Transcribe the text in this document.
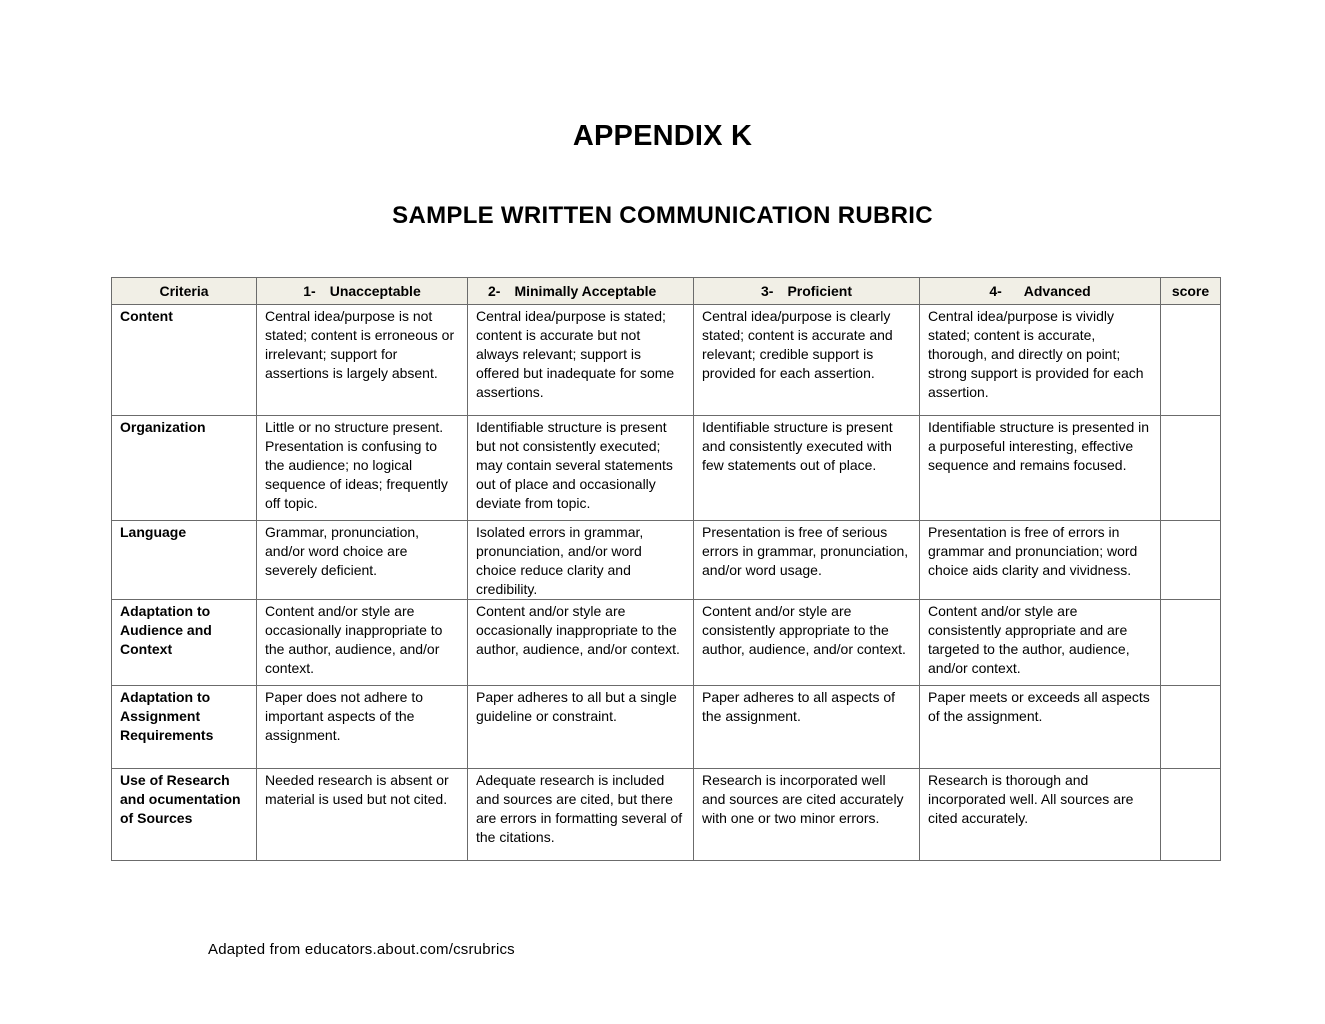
APPENDIX K
SAMPLE WRITTEN COMMUNICATION RUBRIC
Criteria	1- Unacceptable	2- Minimally Acceptable	3- Proficient	4- Advanced	score
Content	Central idea/purpose is not stated; content is erroneous or irrelevant; support for assertions is largely absent.	Central idea/purpose is stated; content is accurate but not always relevant; support is offered but inadequate for some assertions.	Central idea/purpose is clearly stated; content is accurate and relevant; credible support is provided for each assertion.	Central idea/purpose is vividly stated; content is accurate, thorough, and directly on point; strong support is provided for each assertion.	
Organization	Little or no structure present. Presentation is confusing to the audience; no logical sequence of ideas; frequently off topic.	Identifiable structure is present but not consistently executed; may contain several statements out of place and occasionally deviate from topic.	Identifiable structure is present and consistently executed with few statements out of place.	Identifiable structure is presented in a purposeful interesting, effective sequence and remains focused.	
Language	Grammar, pronunciation, and/or word choice are severely deficient.	Isolated errors in grammar, pronunciation, and/or word choice reduce clarity and credibility.	Presentation is free of serious errors in grammar, pronunciation, and/or word usage.	Presentation is free of errors in grammar and pronunciation; word choice aids clarity and vividness.	
Adaptation to Audience and Context	Content and/or style are occasionally inappropriate to the author, audience, and/or context.	Content and/or style are occasionally inappropriate to the author, audience, and/or context.	Content and/or style are consistently appropriate to the author, audience, and/or context.	Content and/or style are consistently appropriate and are targeted to the author, audience, and/or context.	
Adaptation to Assignment Requirements	Paper does not adhere to important aspects of the assignment.	Paper adheres to all but a single guideline or constraint.	Paper adheres to all aspects of the assignment.	Paper meets or exceeds all aspects of the assignment.	
Use of Research and ocumentation of Sources	Needed research is absent or material is used but not cited.	Adequate research is included and sources are cited, but there are errors in formatting several of the citations.	Research is incorporated well and sources are cited accurately with one or two minor errors.	Research is thorough and incorporated well. All sources are cited accurately.	
Adapted from educators.about.com/csrubrics
